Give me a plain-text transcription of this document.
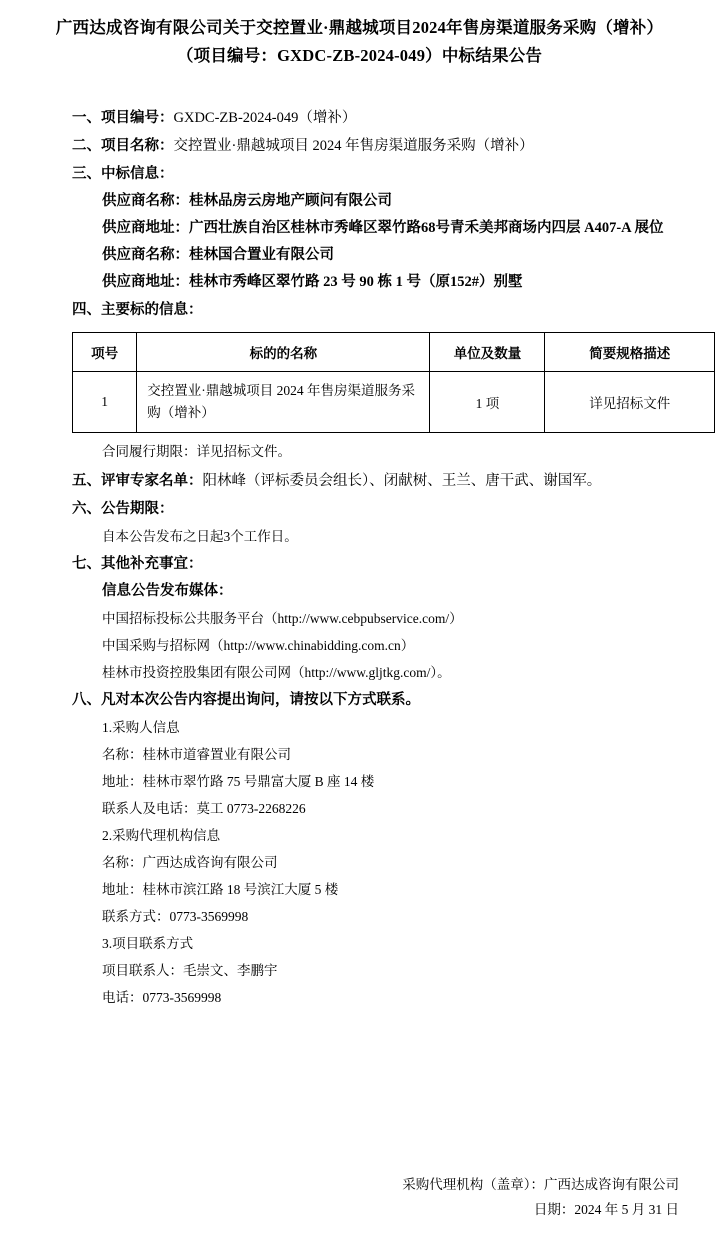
广西达成咨询有限公司关于交控置业·鼎越城项目2024年售房渠道服务采购（增补）
（项目编号：GXDC-ZB-2024-049）中标结果公告
一、项目编号：GXDC-ZB-2024-049（增补）
二、项目名称：交控置业·鼎越城项目 2024 年售房渠道服务采购（增补）
三、中标信息：
供应商名称：桂林品房云房地产顾问有限公司
供应商地址：广西壮族自治区桂林市秀峰区翠竹路68号青禾美邦商场内四层 A407-A 展位
供应商名称：桂林国合置业有限公司
供应商地址：桂林市秀峰区翠竹路 23 号 90 栋 1 号（原152#）别墅
四、主要标的信息：
项号	标的的名称	单位及数量	简要规格描述
1	交控置业·鼎越城项目 2024 年售房渠道服务采购（增补）	1 项	详见招标文件
合同履行期限：详见招标文件。
五、评审专家名单：阳林峰（评标委员会组长）、闭献树、王兰、唐干武、谢国军。
六、公告期限：
自本公告发布之日起3个工作日。
七、其他补充事宜：
信息公告发布媒体：
中国招标投标公共服务平台（http://www.cebpubservice.com/）
中国采购与招标网（http://www.chinabidding.com.cn）
桂林市投资控股集团有限公司网（http://www.gljtkg.com/）。
八、凡对本次公告内容提出询问，请按以下方式联系。
1.采购人信息
名称：桂林市道睿置业有限公司
地址：桂林市翠竹路 75 号鼎富大厦 B 座 14 楼
联系人及电话：莫工 0773-2268226
2.采购代理机构信息
名称：广西达成咨询有限公司
地址：桂林市滨江路 18 号滨江大厦 5 楼
联系方式：0773-3569998
3.项目联系方式
项目联系人：毛崇文、李鹏宇
电话：0773-3569998
采购代理机构（盖章）：广西达成咨询有限公司
日期：2024 年 5 月 31 日
